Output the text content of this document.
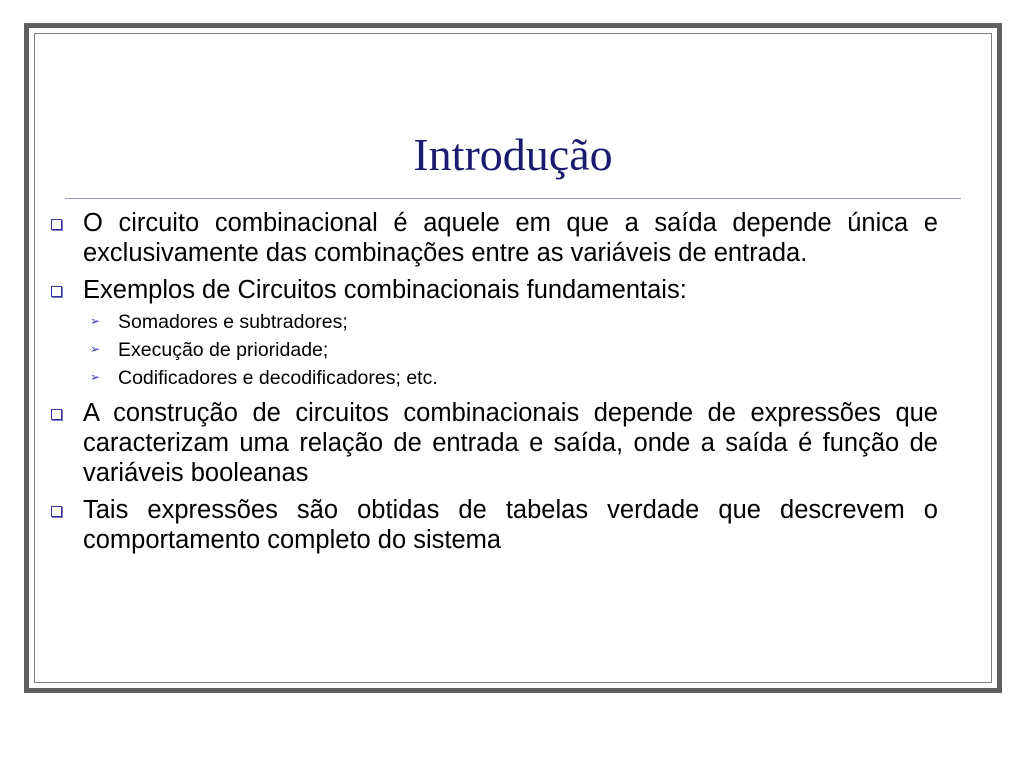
Introdução
O circuito combinacional é aquele em que a saída depende única e exclusivamente das combinações entre as variáveis de entrada.
Exemplos de Circuitos combinacionais fundamentais:
➢ Somadores e subtradores;
➢ Execução de prioridade;
➢ Codificadores e decodificadores; etc.
A construção de circuitos combinacionais depende de expressões que caracterizam uma relação de entrada e saída, onde a saída é função de variáveis booleanas
Tais expressões são obtidas de tabelas verdade que descrevem o comportamento completo do sistema
